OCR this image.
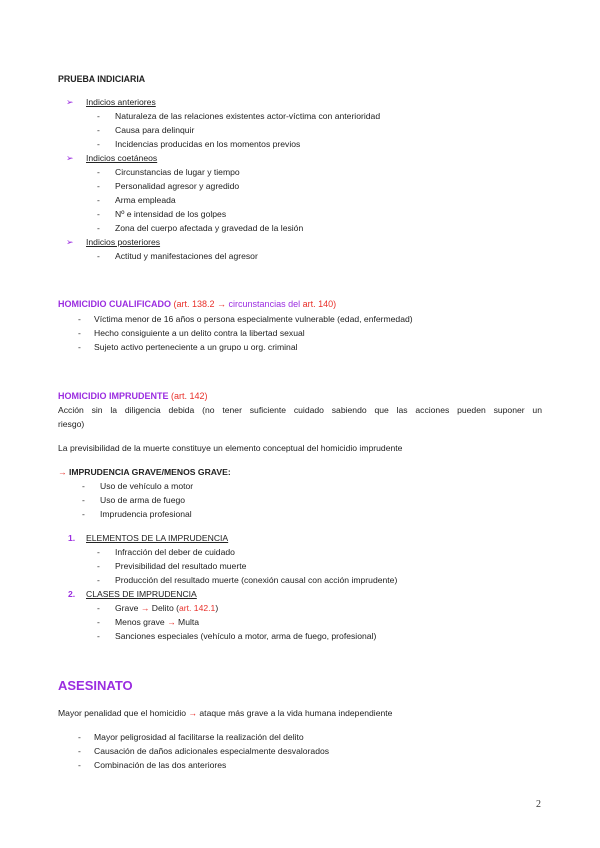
PRUEBA INDICIARIA
➢ Indicios anteriores
- Naturaleza de las relaciones existentes actor-víctima con anterioridad
- Causa para delinquir
- Incidencias producidas en los momentos previos
➢ Indicios coetáneos
- Circunstancias de lugar y tiempo
- Personalidad agresor y agredido
- Arma empleada
- Nº e intensidad de los golpes
- Zona del cuerpo afectada y gravedad de la lesión
➢ Indicios posteriores
- Actitud y manifestaciones del agresor
HOMICIDIO CUALIFICADO (art. 138.2 → circunstancias del art. 140)
- Víctima menor de 16 años o persona especialmente vulnerable (edad, enfermedad)
- Hecho consiguiente a un delito contra la libertad sexual
- Sujeto activo perteneciente a un grupo u org. criminal
HOMICIDIO IMPRUDENTE (art. 142)
Acción sin la diligencia debida (no tener suficiente cuidado sabiendo que las acciones pueden suponer un
riesgo)
La previsibilidad de la muerte constituye un elemento conceptual del homicidio imprudente
→ IMPRUDENCIA GRAVE/MENOS GRAVE:
- Uso de vehículo a motor
- Uso de arma de fuego
- Imprudencia profesional
1. ELEMENTOS DE LA IMPRUDENCIA
- Infracción del deber de cuidado
- Previsibilidad del resultado muerte
- Producción del resultado muerte (conexión causal con acción imprudente)
2. CLASES DE IMPRUDENCIA
- Grave → Delito (art. 142.1)
- Menos grave → Multa
- Sanciones especiales (vehículo a motor, arma de fuego, profesional)
ASESINATO
Mayor penalidad que el homicidio → ataque más grave a la vida humana independiente
- Mayor peligrosidad al facilitarse la realización del delito
- Causación de daños adicionales especialmente desvalorados
- Combinación de las dos anteriores
2
